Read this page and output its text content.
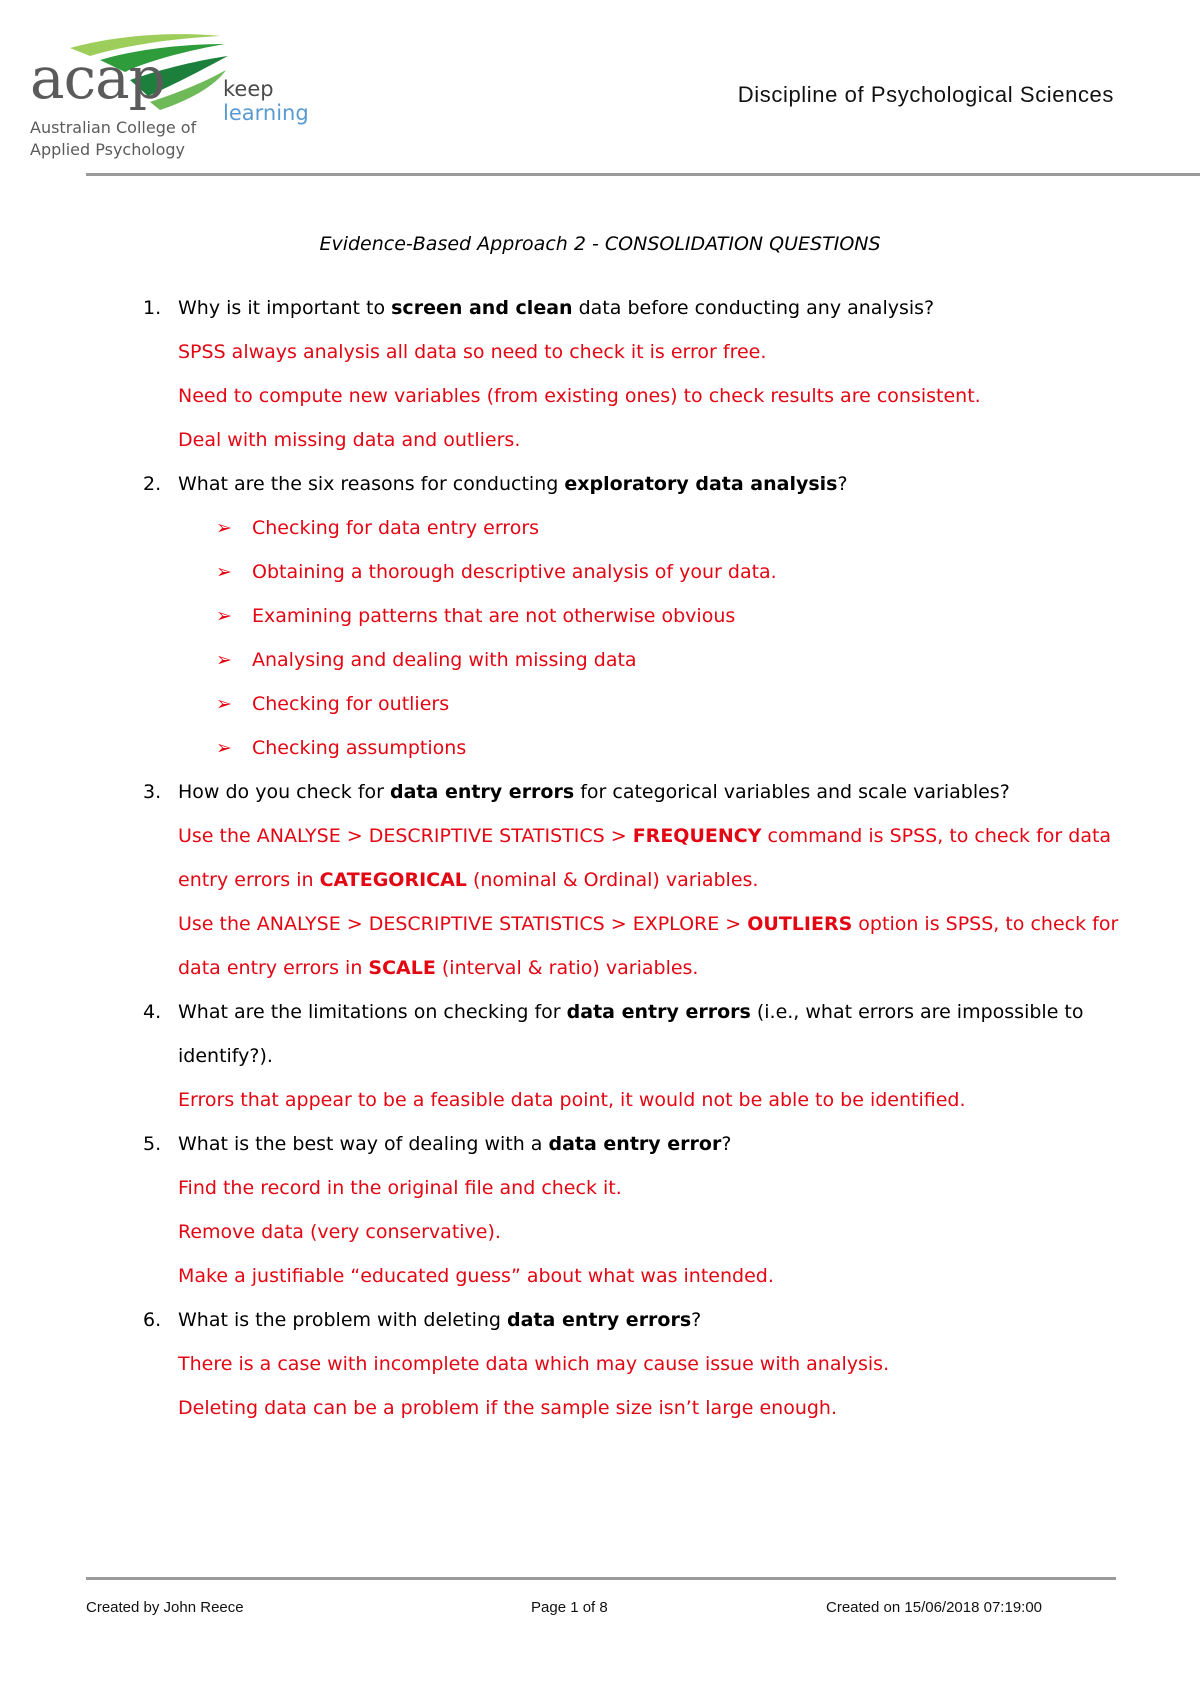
acap	keep learning
Australian College of
Applied Psychology
Discipline of Psychological Sciences
Evidence-Based Approach 2 - CONSOLIDATION QUESTIONS
1. Why is it important to screen and clean data before conducting any analysis?
SPSS always analysis all data so need to check it is error free.
Need to compute new variables (from existing ones) to check results are consistent.
Deal with missing data and outliers.
2. What are the six reasons for conducting exploratory data analysis?
➢	Checking for data entry errors
➢	Obtaining a thorough descriptive analysis of your data.
➢	Examining patterns that are not otherwise obvious
➢	Analysing and dealing with missing data
➢	Checking for outliers
➢	Checking assumptions
3. How do you check for data entry errors for categorical variables and scale variables?
Use the ANALYSE > DESCRIPTIVE STATISTICS > FREQUENCY command is SPSS, to check for data entry errors in CATEGORICAL (nominal & Ordinal) variables.
Use the ANALYSE > DESCRIPTIVE STATISTICS > EXPLORE > OUTLIERS option is SPSS, to check for data entry errors in SCALE (interval & ratio) variables.
4. What are the limitations on checking for data entry errors (i.e., what errors are impossible to identify?).
Errors that appear to be a feasible data point, it would not be able to be identified.
5. What is the best way of dealing with a data entry error?
Find the record in the original file and check it.
Remove data (very conservative).
Make a justifiable “educated guess” about what was intended.
6. What is the problem with deleting data entry errors?
There is a case with incomplete data which may cause issue with analysis.
Deleting data can be a problem if the sample size isn’t large enough.
Created by John Reece	Page 1 of 8	Created on 15/06/2018 07:19:00
